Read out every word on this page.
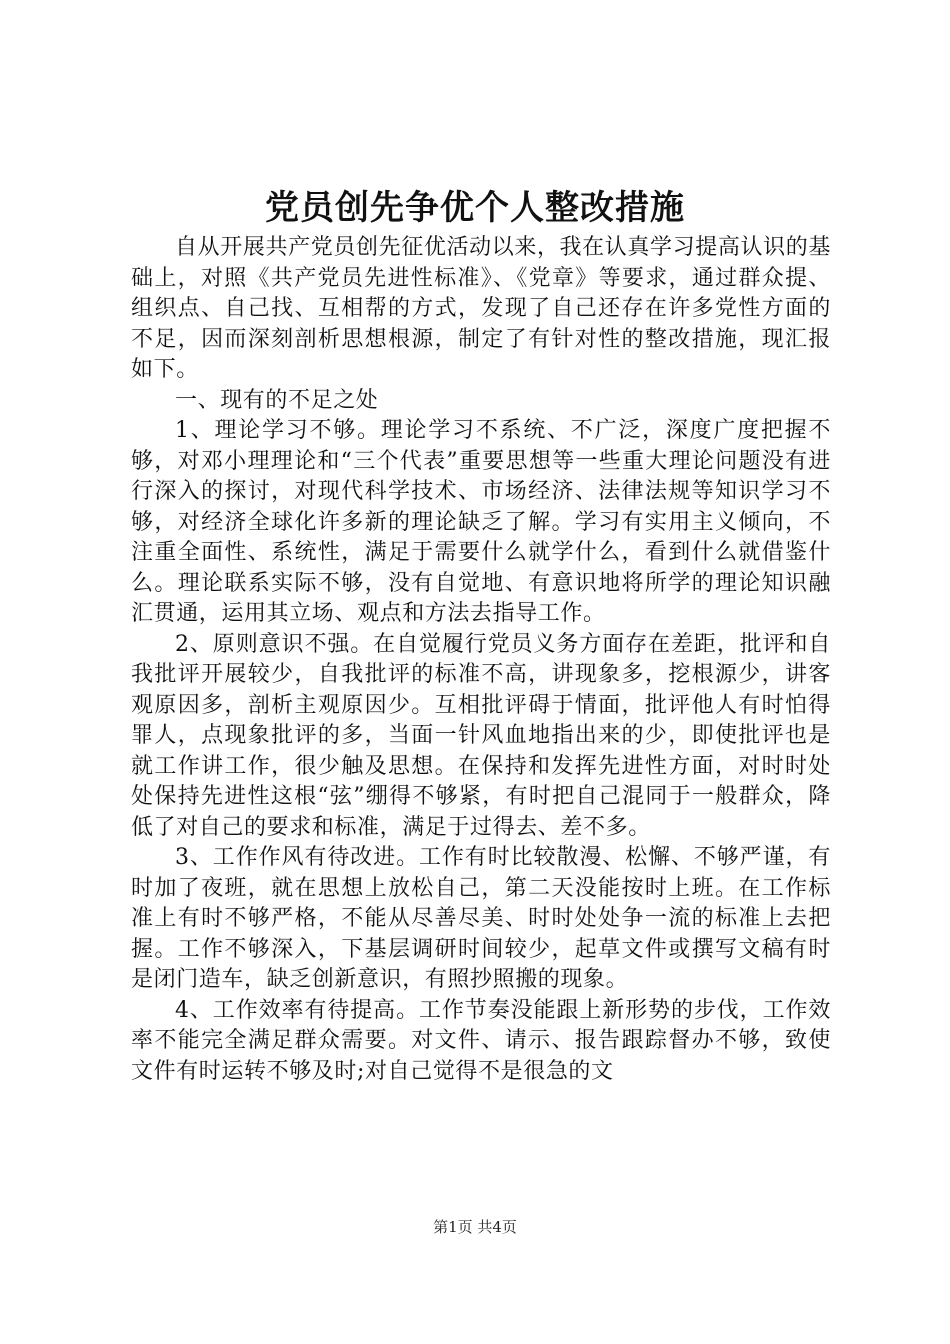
党员创先争优个人整改措施

自从开展共产党员创先征优活动以来，我在认真学习提高认识的基础上，对照《共产党员先进性标准》、《党章》等要求，通过群众提、组织点、自己找、互相帮的方式，发现了自己还存在许多党性方面的不足，因而深刻剖析思想根源，制定了有针对性的整改措施，现汇报如下。

一、现有的不足之处

1、理论学习不够。理论学习不系统、不广泛，深度广度把握不够，对邓小理理论和“三个代表”重要思想等一些重大理论问题没有进行深入的探讨，对现代科学技术、市场经济、法律法规等知识学习不够，对经济全球化许多新的理论缺乏了解。学习有实用主义倾向，不注重全面性、系统性，满足于需要什么就学什么，看到什么就借鉴什么。理论联系实际不够，没有自觉地、有意识地将所学的理论知识融汇贯通，运用其立场、观点和方法去指导工作。

2、原则意识不强。在自觉履行党员义务方面存在差距，批评和自我批评开展较少，自我批评的标准不高，讲现象多，挖根源少，讲客观原因多，剖析主观原因少。互相批评碍于情面，批评他人有时怕得罪人，点现象批评的多，当面一针风血地指出来的少，即使批评也是就工作讲工作，很少触及思想。在保持和发挥先进性方面，对时时处处保持先进性这根“弦”绷得不够紧，有时把自己混同于一般群众，降低了对自己的要求和标准，满足于过得去、差不多。

3、工作作风有待改进。工作有时比较散漫、松懈、不够严谨，有时加了夜班，就在思想上放松自己，第二天没能按时上班。在工作标准上有时不够严格，不能从尽善尽美、时时处处争一流的标准上去把握。工作不够深入，下基层调研时间较少，起草文件或撰写文稿有时是闭门造车，缺乏创新意识，有照抄照搬的现象。

4、工作效率有待提高。工作节奏没能跟上新形势的步伐，工作效率不能完全满足群众需要。对文件、请示、报告跟踪督办不够，致使文件有时运转不够及时;对自己觉得不是很急的文

第1页 共4页
